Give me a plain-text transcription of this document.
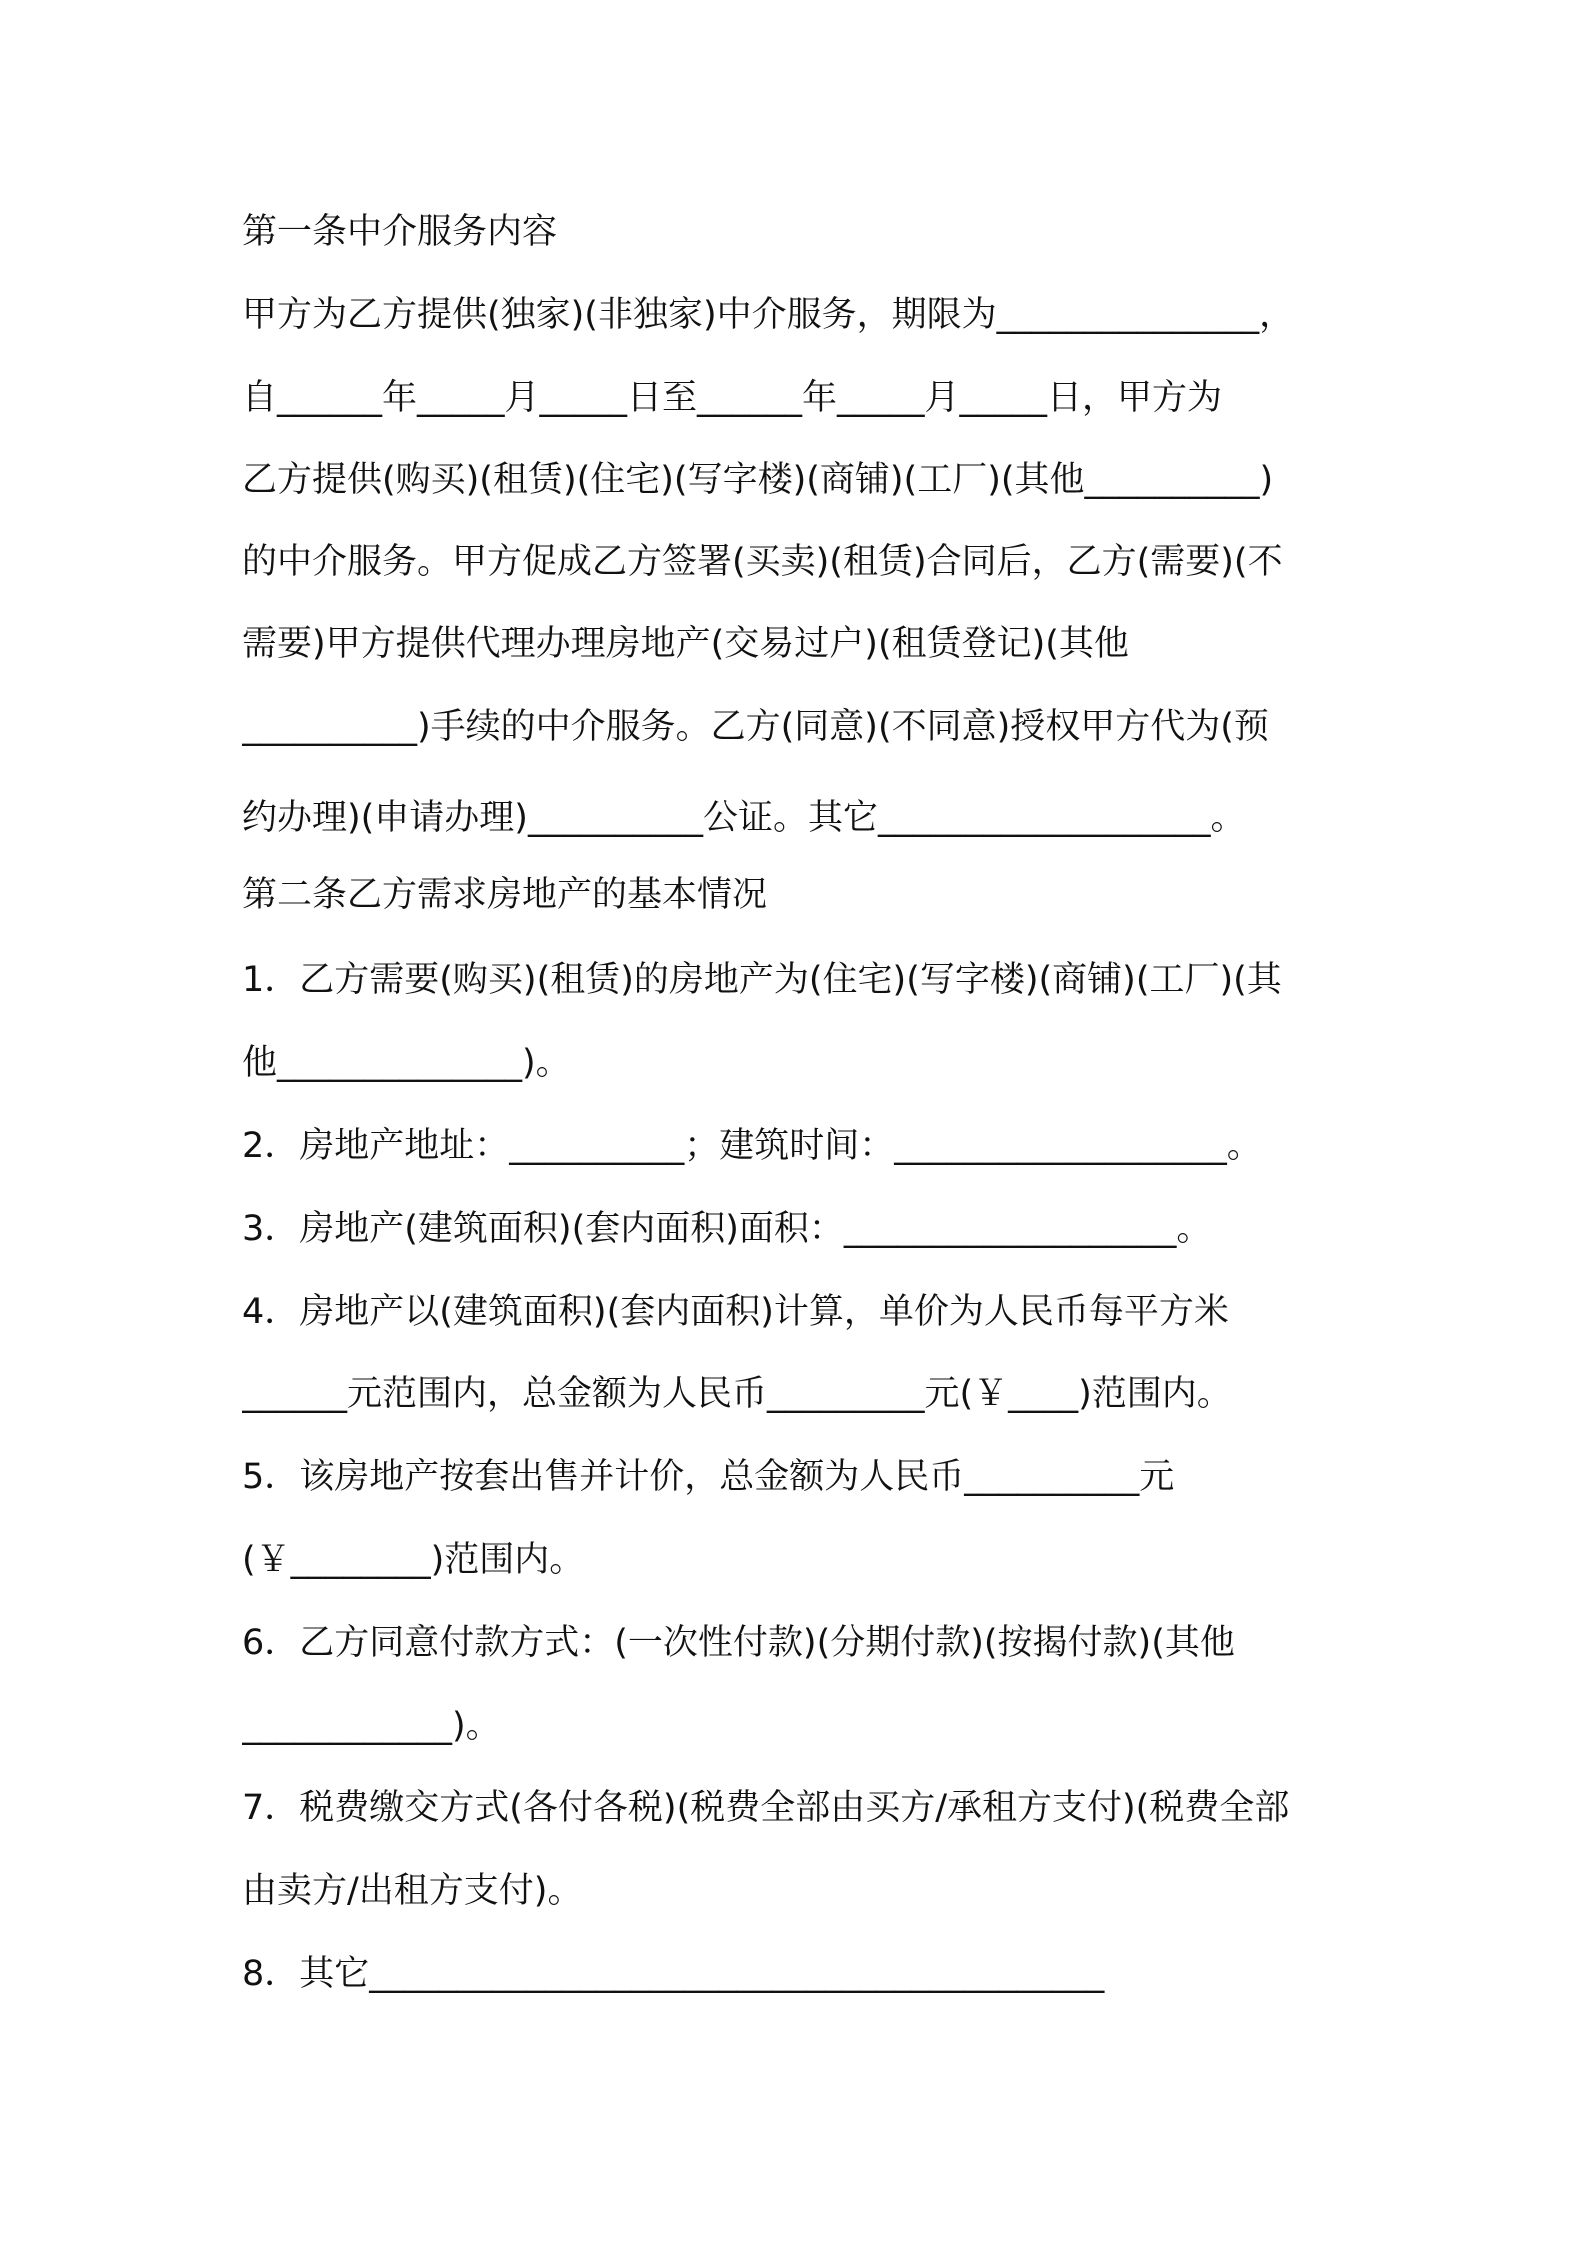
第一条中介服务内容
甲方为乙方提供(独家)(非独家)中介服务，期限为_______________，
自______年_____月_____日至______年_____月_____日，甲方为
乙方提供(购买)(租赁)(住宅)(写字楼)(商铺)(工厂)(其他__________)
的中介服务。甲方促成乙方签署(买卖)(租赁)合同后，乙方(需要)(不
需要)甲方提供代理办理房地产(交易过户)(租赁登记)(其他
__________)手续的中介服务。乙方(同意)(不同意)授权甲方代为(预
约办理)(申请办理)__________公证。其它___________________。
第二条乙方需求房地产的基本情况
1．乙方需要(购买)(租赁)的房地产为(住宅)(写字楼)(商铺)(工厂)(其
他______________)。
2．房地产地址：__________；建筑时间：___________________。
3．房地产(建筑面积)(套内面积)面积：___________________。
4．房地产以(建筑面积)(套内面积)计算，单价为人民币每平方米
______元范围内，总金额为人民币_________元(￥____)范围内。
5．该房地产按套出售并计价，总金额为人民币__________元
(￥________)范围内。
6．乙方同意付款方式：(一次性付款)(分期付款)(按揭付款)(其他
____________)。
7．税费缴交方式(各付各税)(税费全部由买方/承租方支付)(税费全部
由卖方/出租方支付)。
8．其它__________________________________________
